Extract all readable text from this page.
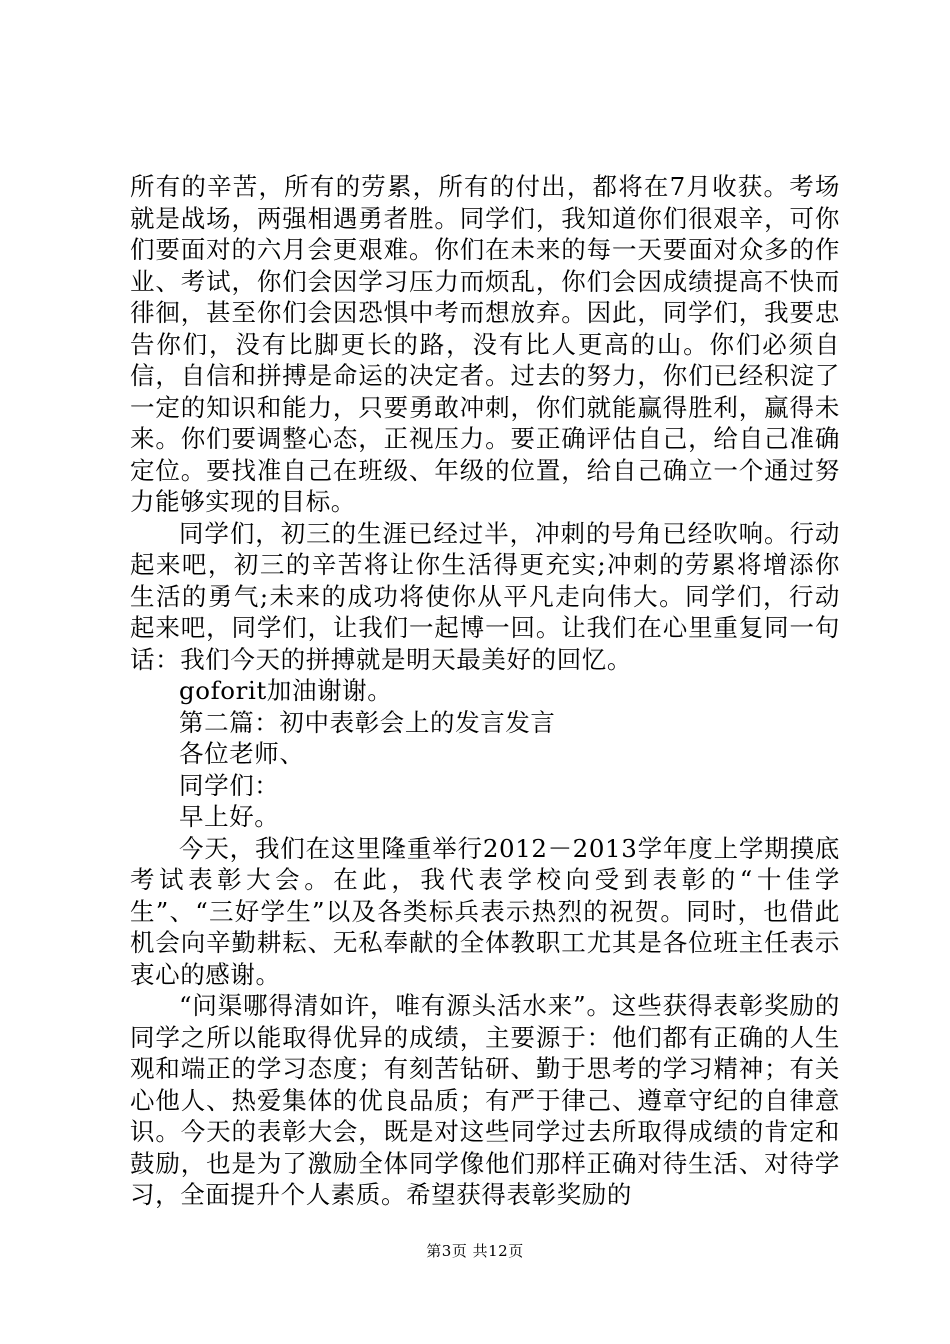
所有的辛苦，所有的劳累，所有的付出，都将在7月收获。考场就是战场，两强相遇勇者胜。同学们，我知道你们很艰辛，可你们要面对的六月会更艰难。你们在未来的每一天要面对众多的作业、考试，你们会因学习压力而烦乱，你们会因成绩提高不快而徘徊，甚至你们会因恐惧中考而想放弃。因此，同学们，我要忠告你们，没有比脚更长的路，没有比人更高的山。你们必须自信，自信和拼搏是命运的决定者。过去的努力，你们已经积淀了一定的知识和能力，只要勇敢冲刺，你们就能赢得胜利，赢得未来。你们要调整心态，正视压力。要正确评估自己，给自己准确定位。要找准自己在班级、年级的位置，给自己确立一个通过努力能够实现的目标。

同学们，初三的生涯已经过半，冲刺的号角已经吹响。行动起来吧，初三的辛苦将让你生活得更充实;冲刺的劳累将增添你生活的勇气;未来的成功将使你从平凡走向伟大。同学们，行动起来吧，同学们，让我们一起博一回。让我们在心里重复同一句话：我们今天的拼搏就是明天最美好的回忆。

goforit加油谢谢。

第二篇：初中表彰会上的发言发言

各位老师、

同学们：

早上好。

今天，我们在这里隆重举行2012－2013学年度上学期摸底考试表彰大会。在此，我代表学校向受到表彰的“十佳学生”、“三好学生”以及各类标兵表示热烈的祝贺。同时，也借此机会向辛勤耕耘、无私奉献的全体教职工尤其是各位班主任表示衷心的感谢。

“问渠哪得清如许，唯有源头活水来”。这些获得表彰奖励的同学之所以能取得优异的成绩，主要源于：他们都有正确的人生观和端正的学习态度；有刻苦钻研、勤于思考的学习精神；有关心他人、热爱集体的优良品质；有严于律己、遵章守纪的自律意识。今天的表彰大会，既是对这些同学过去所取得成绩的肯定和鼓励，也是为了激励全体同学像他们那样正确对待生活、对待学习，全面提升个人素质。希望获得表彰奖励的

第3页 共12页
